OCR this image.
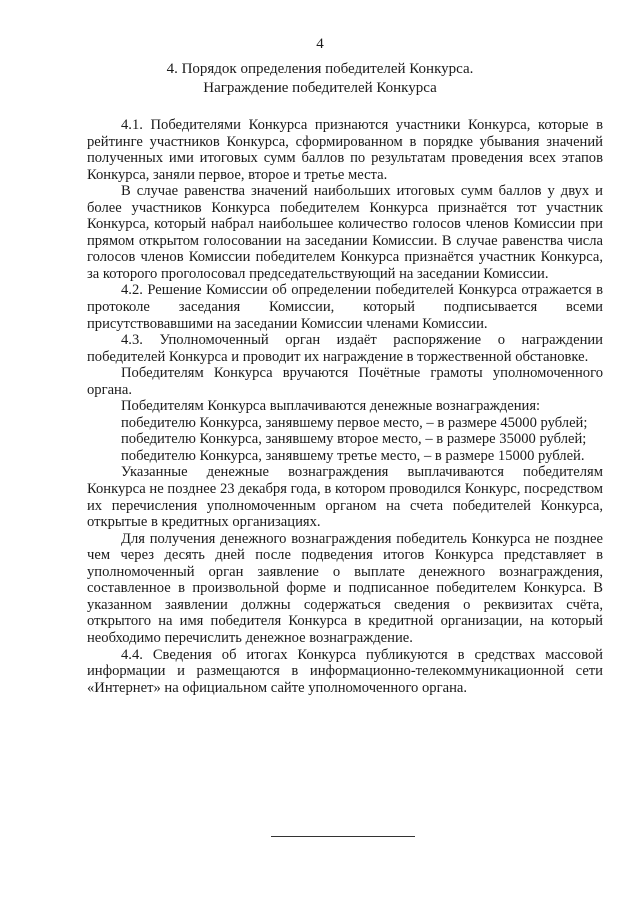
4
4. Порядок определения победителей Конкурса.
Награждение победителей Конкурса

4.1. Победителями Конкурса признаются участники Конкурса, которые в рейтинге участников Конкурса, сформированном в порядке убывания значений полученных ими итоговых сумм баллов по результатам проведения всех этапов Конкурса, заняли первое, второе и третье места.

В случае равенства значений наибольших итоговых сумм баллов у двух и более участников Конкурса победителем Конкурса признаётся тот участник Конкурса, который набрал наибольшее количество голосов членов Комиссии при прямом открытом голосовании на заседании Комиссии. В случае равенства числа голосов членов Комиссии победителем Конкурса признаётся участник Конкурса, за которого проголосовал председательствующий на заседании Комиссии.

4.2. Решение Комиссии об определении победителей Конкурса отражается в протоколе заседания Комиссии, который подписывается всеми присутствовавшими на заседании Комиссии членами Комиссии.

4.3. Уполномоченный орган издаёт распоряжение о награждении победителей Конкурса и проводит их награждение в торжественной обстановке.

Победителям Конкурса вручаются Почётные грамоты уполномоченного органа.

Победителям Конкурса выплачиваются денежные вознаграждения:

победителю Конкурса, занявшему первое место, – в размере 45000 рублей;

победителю Конкурса, занявшему второе место, – в размере 35000 рублей;

победителю Конкурса, занявшему третье место, – в размере 15000 рублей.

Указанные денежные вознаграждения выплачиваются победителям Конкурса не позднее 23 декабря года, в котором проводился Конкурс, посредством их перечисления уполномоченным органом на счета победителей Конкурса, открытые в кредитных организациях.

Для получения денежного вознаграждения победитель Конкурса не позднее чем через десять дней после подведения итогов Конкурса представляет в уполномоченный орган заявление о выплате денежного вознаграждения, составленное в произвольной форме и подписанное победителем Конкурса. В указанном заявлении должны содержаться сведения о реквизитах счёта, открытого на имя победителя Конкурса в кредитной организации, на который необходимо перечислить денежное вознаграждение.

4.4. Сведения об итогах Конкурса публикуются в средствах массовой информации и размещаются в информационно-телекоммуникационной сети «Интернет» на официальном сайте уполномоченного органа.
